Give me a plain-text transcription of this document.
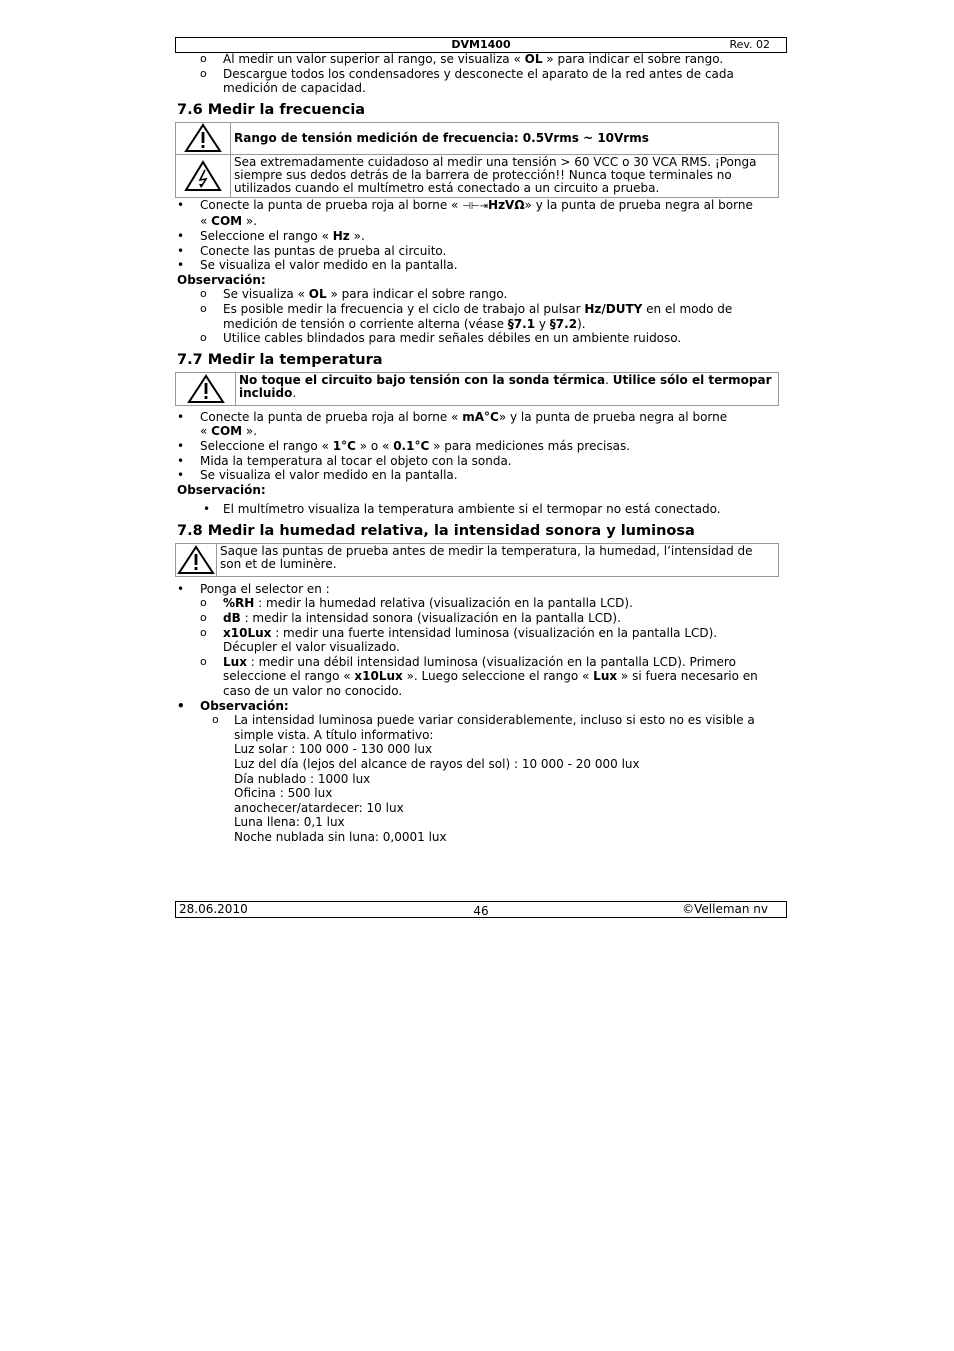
DVM1400	Rev. 02
o Al medir un valor superior al rango, se visualiza « OL » para indicar el sobre rango.
o Descargue todos los condensadores y desconecte el aparato de la red antes de cada
medición de capacidad.
7.6 Medir la frecuencia
	Rango de tensión medición de frecuencia: 0.5Vrms ~ 10Vrms

Sea extremadamente cuidadoso al medir una tensión > 60 VCC o 30 VCA RMS. ¡Ponga
siempre sus dedos detrás de la barrera de protección!! Nunca toque terminales no
utilizados cuando el multímetro está conectado a un circuito a prueba.
• Conecte la punta de prueba roja al borne « ⊣⊢⇥HzVΩ» y la punta de prueba negra al borne
« COM ».
• Seleccione el rango « Hz ».
• Conecte las puntas de prueba al circuito.
• Se visualiza el valor medido en la pantalla.
Observación:
o Se visualiza « OL » para indicar el sobre rango.
o Es posible medir la frecuencia y el ciclo de trabajo al pulsar Hz/DUTY en el modo de
medición de tensión o corriente alterna (véase §7.1 y §7.2).
o Utilice cables blindados para medir señales débiles en un ambiente ruidoso.
7.7 Medir la temperatura

No toque el circuito bajo tensión con la sonda térmica. Utilice sólo el termopar
incluido.
• Conecte la punta de prueba roja al borne « mA°C» y la punta de prueba negra al borne
« COM ».
• Seleccione el rango « 1°C » o « 0.1°C » para mediciones más precisas.
• Mida la temperatura al tocar el objeto con la sonda.
• Se visualiza el valor medido en la pantalla.
Observación:
• El multímetro visualiza la temperatura ambiente si el termopar no está conectado.
7.8 Medir la humedad relativa, la intensidad sonora y luminosa

Saque las puntas de prueba antes de medir la temperatura, la humedad, l’intensidad de
son et de luminère.
• Ponga el selector en :
o %RH : medir la humedad relativa (visualización en la pantalla LCD).
o dB : medir la intensidad sonora (visualización en la pantalla LCD).
o x10Lux : medir una fuerte intensidad luminosa (visualización en la pantalla LCD).
Décupler el valor visualizado.
o Lux : medir una débil intensidad luminosa (visualización en la pantalla LCD). Primero
seleccione el rango « x10Lux ». Luego seleccione el rango « Lux » si fuera necesario en
caso de un valor no conocido.
• Observación:
o La intensidad luminosa puede variar considerablemente, incluso si esto no es visible a
simple vista. A título informativo:
Luz solar : 100 000 - 130 000 lux
Luz del día (lejos del alcance de rayos del sol) : 10 000 - 20 000 lux
Día nublado : 1000 lux
Oficina : 500 lux
anochecer/atardecer: 10 lux
Luna llena: 0,1 lux
Noche nublada sin luna: 0,0001 lux
28.06.2010	46	©Velleman nv
